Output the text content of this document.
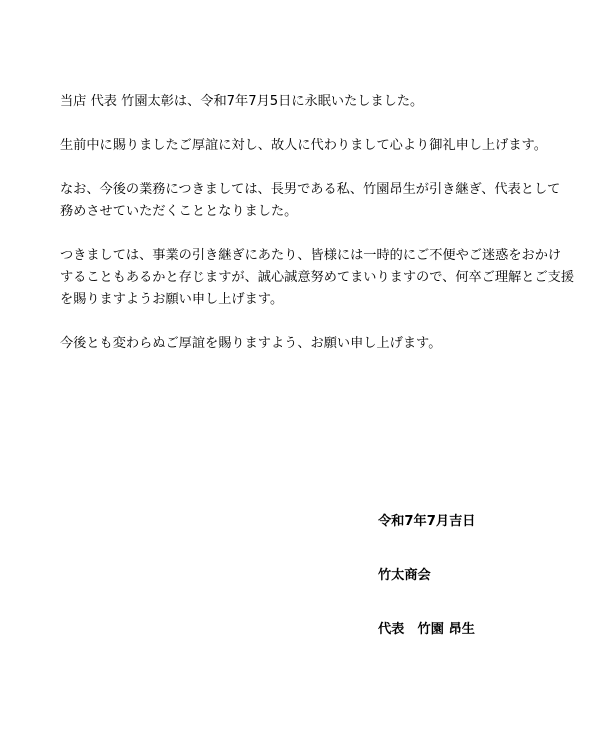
当店 代表 竹園太彰は、令和7年7月5日に永眠いたしました。

生前中に賜りましたご厚誼に対し、故人に代わりまして心より御礼申し上げます。

なお、今後の業務につきましては、長男である私、竹園昂生が引き継ぎ、代表として
務めさせていただくこととなりました。

つきましては、事業の引き継ぎにあたり、皆様には一時的にご不便やご迷惑をおかけ
することもあるかと存じますが、誠心誠意努めてまいりますので、何卒ご理解とご支援
を賜りますようお願い申し上げます。

今後とも変わらぬご厚誼を賜りますよう、お願い申し上げます。

令和7年7月吉日
竹太商会
代表　竹園 昂生
